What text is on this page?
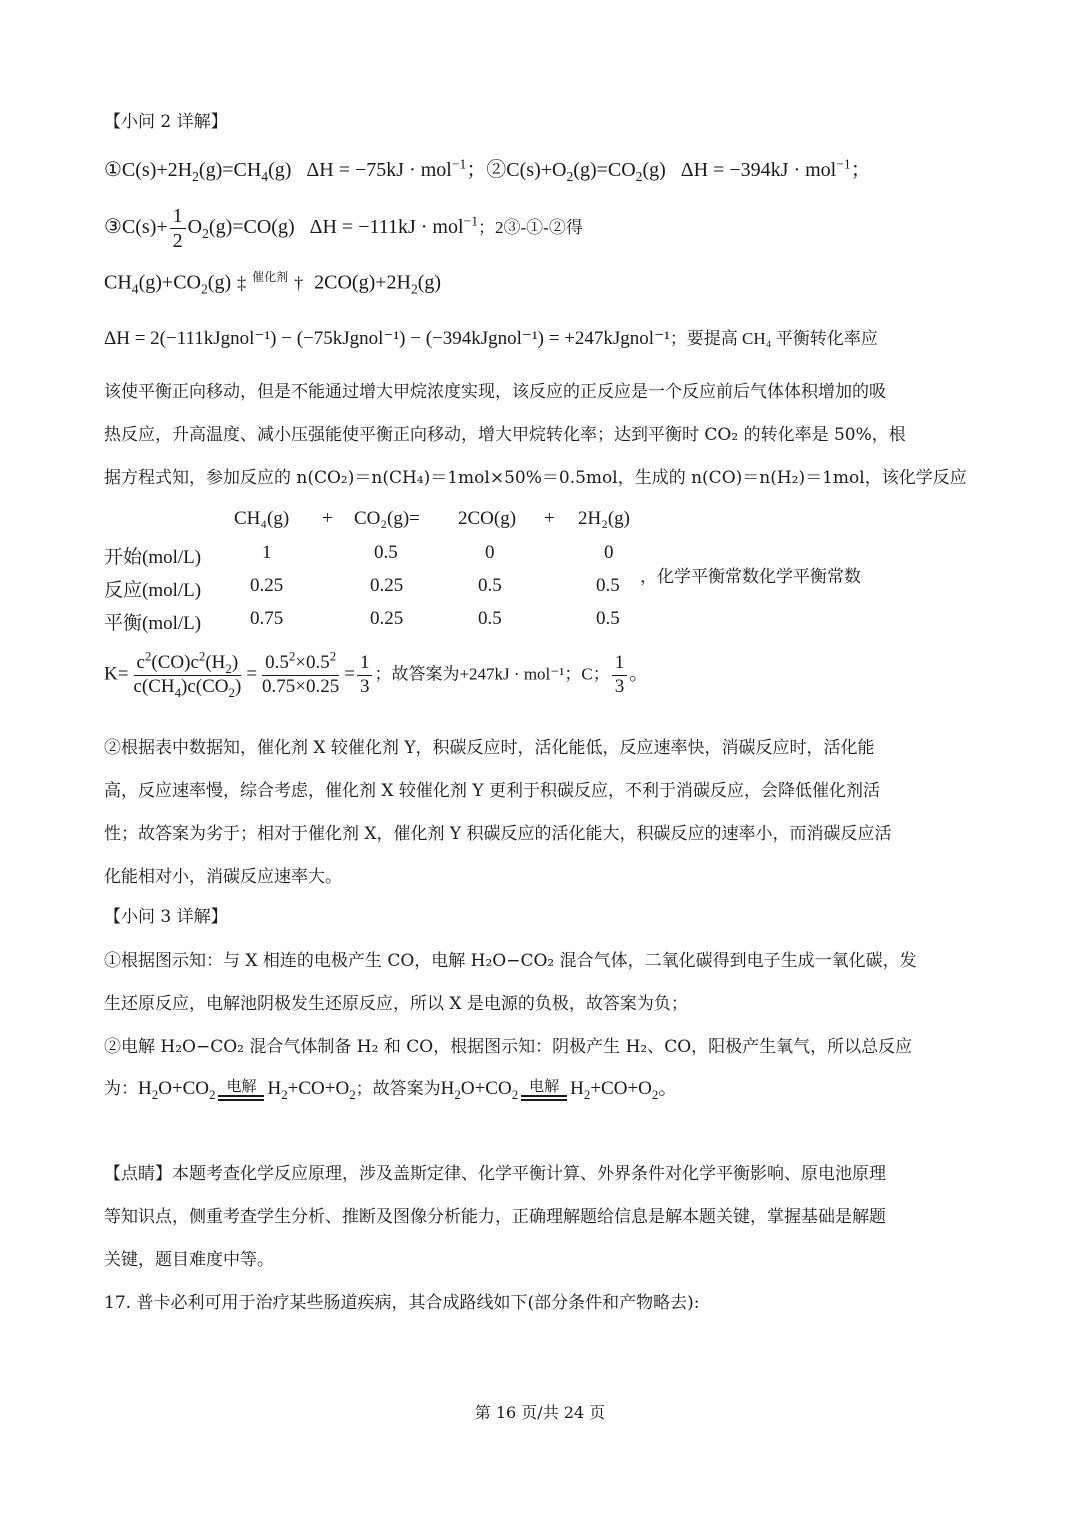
【小问 2 详解】
$①C(s)+2H_2(g)=CH_4(g) \Delta H = -75kJ \cdot mol^{-1}$；$②C(s)+O_2(g)=CO_2(g) \Delta H = -394kJ \cdot mol^{-1}$；
③C(s)+ $\frac{1}{2} O_2(g)=CO(g) \Delta H = -111kJ \cdot mol^{-1}$；2③-①-②得
$CH_4(g)+CO_2(g)$ ‡ $^{催化剂}$ † $2CO(g)+2H_2(g)$
ΔH = 2(−111kJgnol⁻¹) − (−75kJgnol⁻¹) − (−394kJgnol⁻¹) = +247kJgnol⁻¹；要提高 CH₄ 平衡转化率应
该使平衡正向移动，但是不能通过增大甲烷浓度实现，该反应的正反应是一个反应前后气体体积增加的吸
热反应，升高温度、减小压强能使平衡正向移动，增大甲烷转化率；达到平衡时 CO₂ 的转化率是 50%，根
据方程式知，参加反应的 n(CO₂)＝n(CH₄)＝1mol×50%＝0.5mol，生成的 n(CO)＝n(H₂)＝1mol，该化学反应
CH₄(g) + CO₂(g)= 2CO(g) + 2H₂(g)
开始(mol/L)	1	0.5	0	0
反应(mol/L)	0.25	0.25	0.5	0.5
平衡(mol/L)	0.75	0.25	0.5	0.5
，化学平衡常数化学平衡常数
$K= \frac{c^2(CO)c^2(H_2)}{c(CH_4)c(CO_2)} = \frac{0.5^2\times 0.5^2}{0.75\times 0.25} = \frac{1}{3}$ ；故答案为+247kJ · mol⁻¹；C； $\frac{1}{3}$ 。
②根据表中数据知，催化剂 X 较催化剂 Y，积碳反应时，活化能低，反应速率快，消碳反应时，活化能
高，反应速率慢，综合考虑，催化剂 X 较催化剂 Y 更利于积碳反应，不利于消碳反应，会降低催化剂活
性；故答案为劣于；相对于催化剂 X，催化剂 Y 积碳反应的活化能大，积碳反应的速率小，而消碳反应活
化能相对小，消碳反应速率大。
【小问 3 详解】
①根据图示知：与 X 相连的电极产生 CO，电解 H₂O−CO₂ 混合气体，二氧化碳得到电子生成一氧化碳，发
生还原反应，电解池阴极发生还原反应，所以 X 是电源的负极，故答案为负；
②电解 H₂O−CO₂ 混合气体制备 H₂ 和 CO，根据图示知：阴极产生 H₂、CO，阳极产生氧气，所以总反应
为：$H_2O+CO_2$ 电解 $H_2+CO+O_2$；故答案为$H_2O+CO_2$ 电解 $H_2+CO+O_2$。
【点睛】本题考查化学反应原理，涉及盖斯定律、化学平衡计算、外界条件对化学平衡影响、原电池原理
等知识点，侧重考查学生分析、推断及图像分析能力，正确理解题给信息是解本题关键，掌握基础是解题
关键，题目难度中等。
17. 普卡必利可用于治疗某些肠道疾病，其合成路线如下(部分条件和产物略去):
第 16 页/共 24 页
